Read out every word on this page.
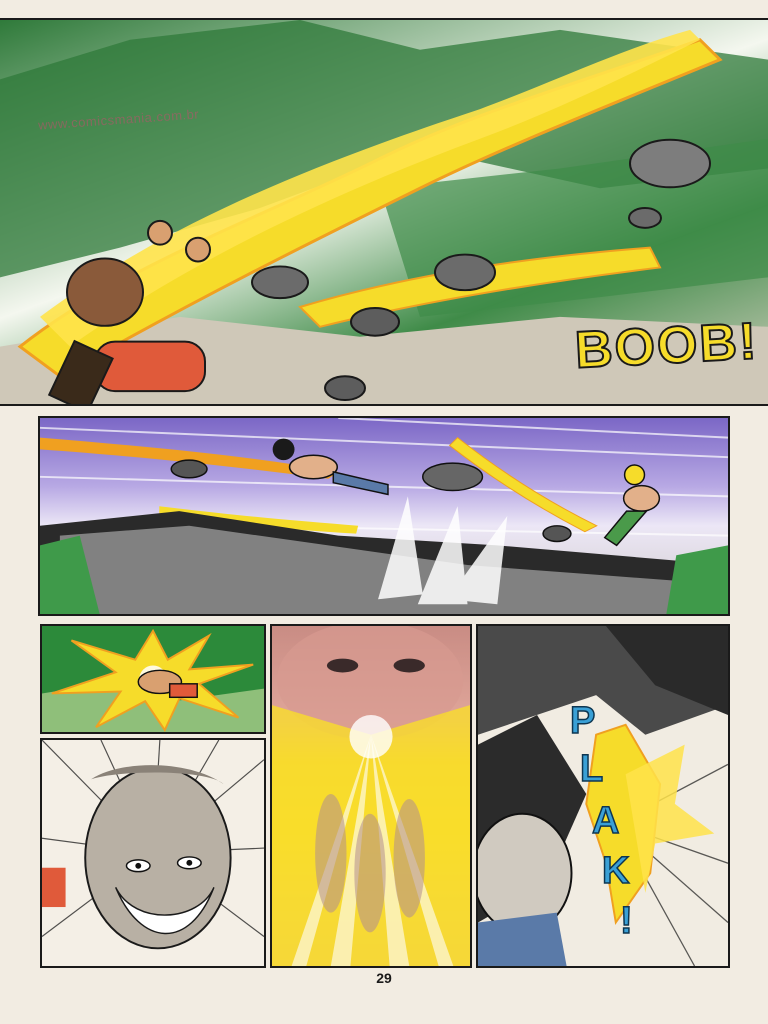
www.comicsmania.com.br
BOOB!
P
L
A
K
!
29
